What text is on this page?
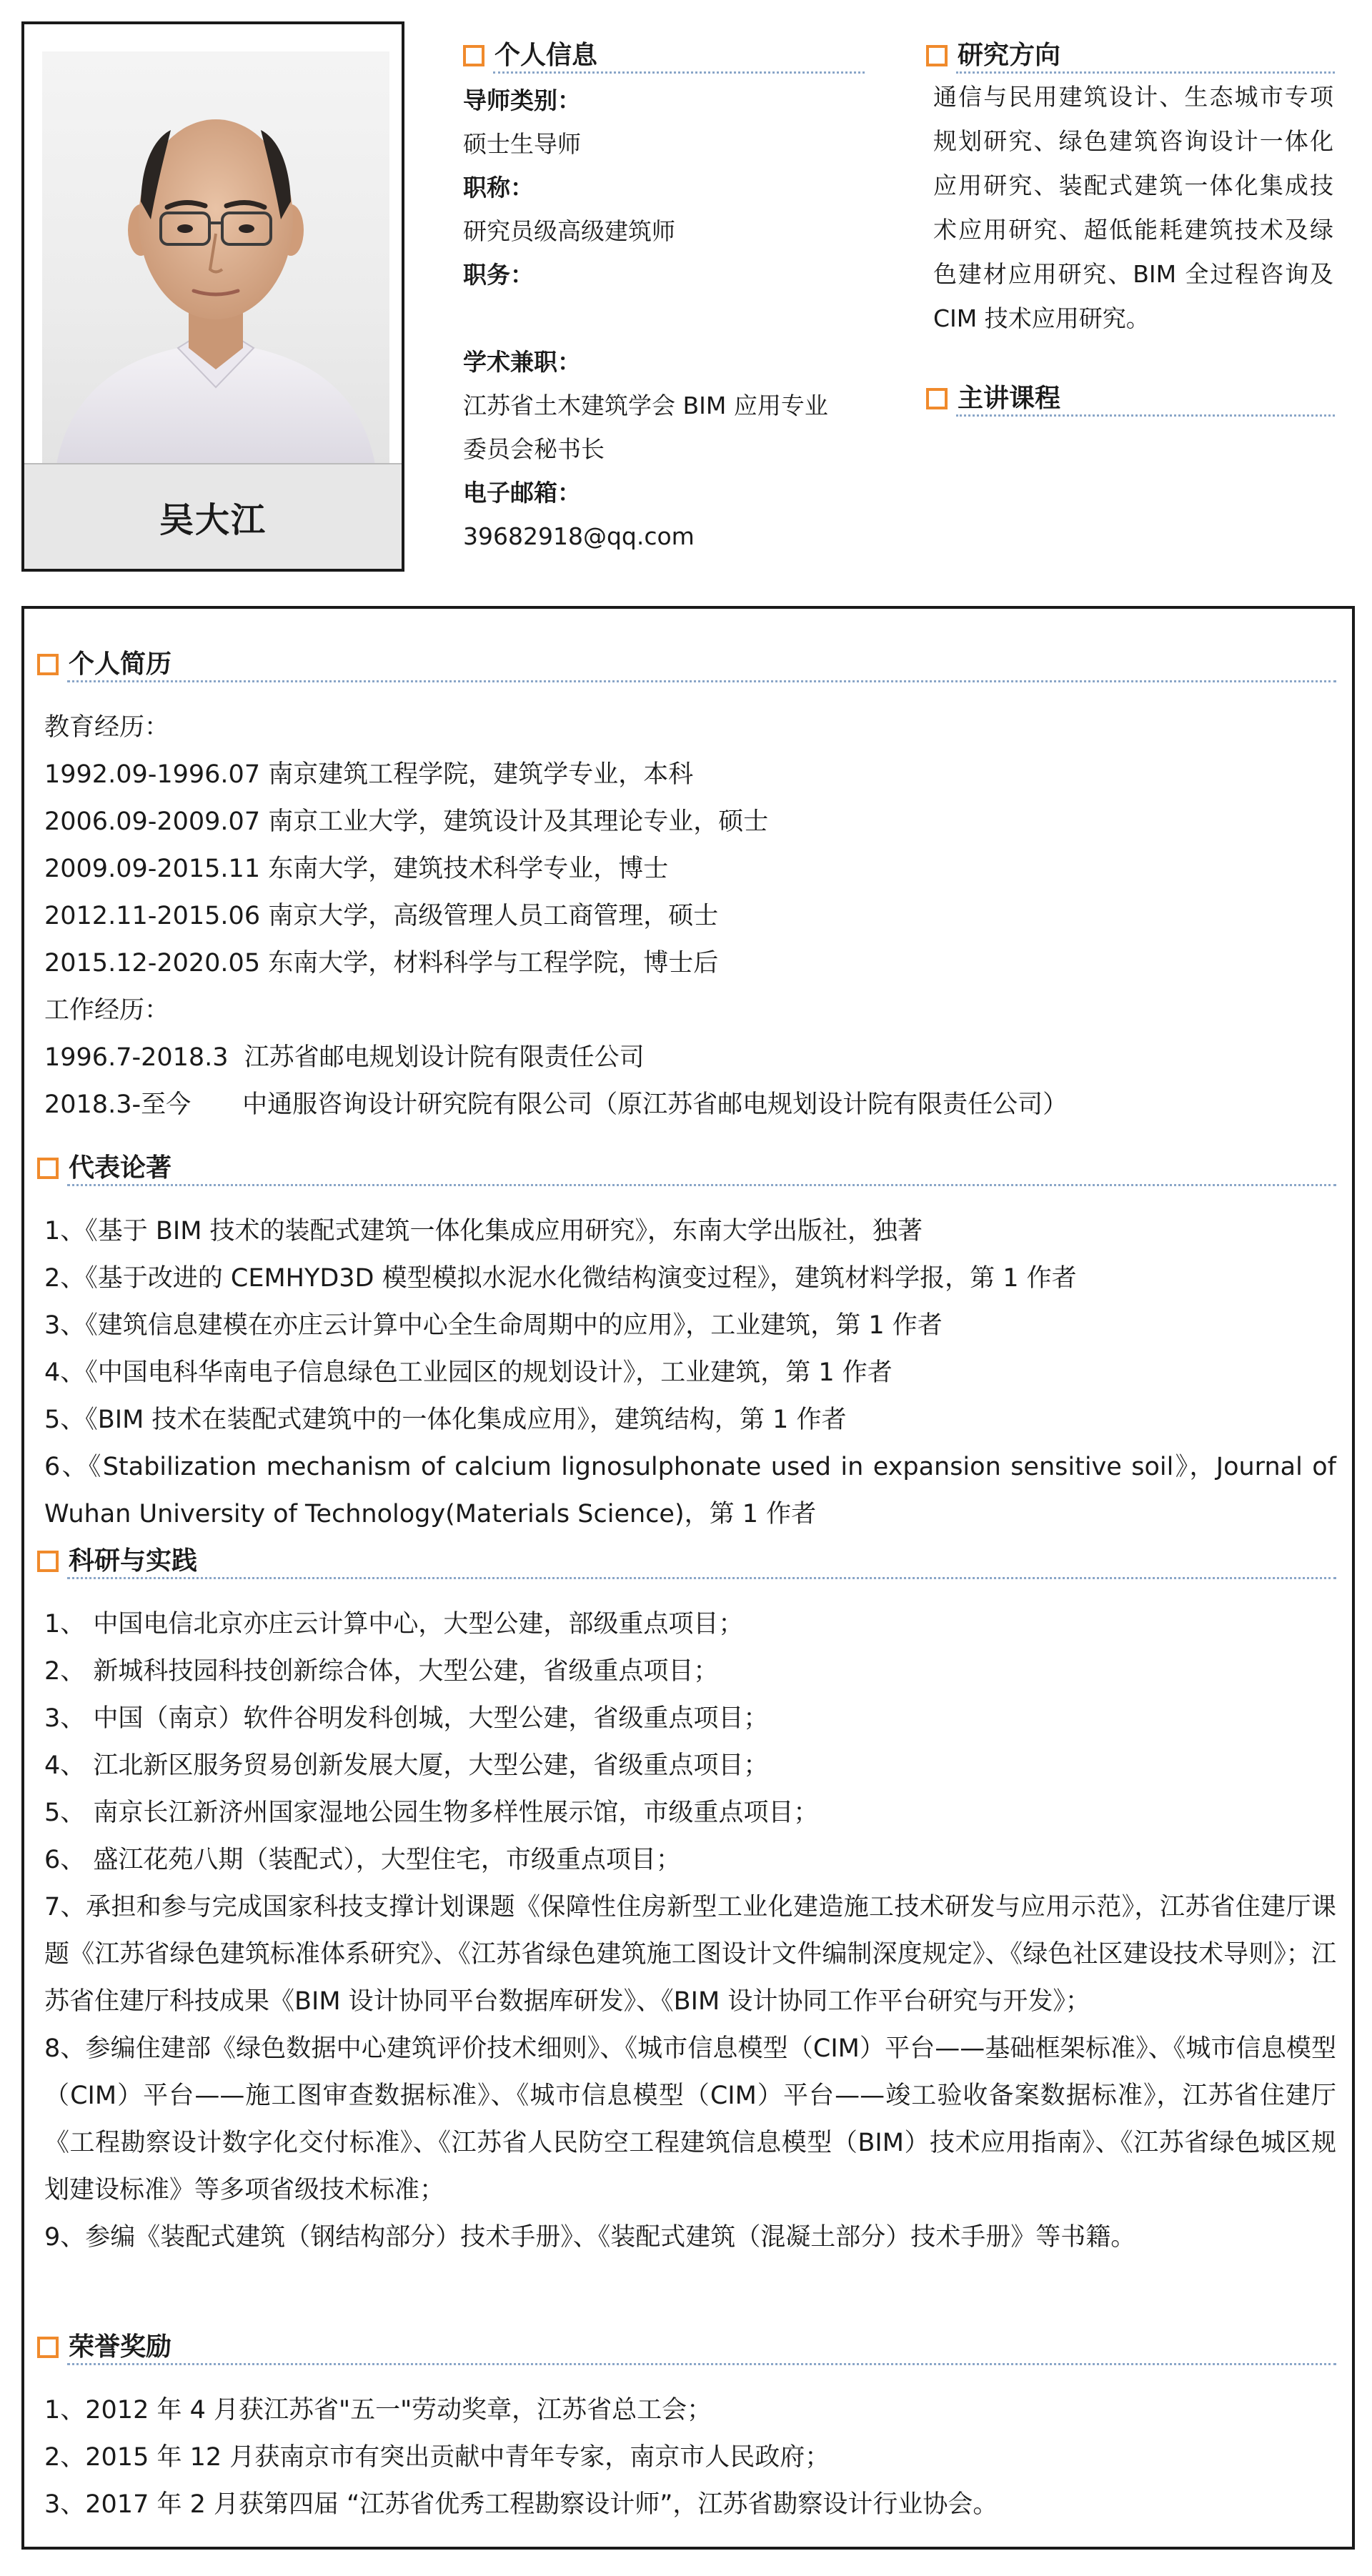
吴大江
个人信息
导师类别：
硕士生导师
职称：
研究员级高级建筑师
职务：
学术兼职：
江苏省土木建筑学会 BIM 应用专业
委员会秘书长
电子邮箱：
39682918@qq.com
研究方向
通信与民用建筑设计、生态城市专项规划研究、绿色建筑咨询设计一体化应用研究、装配式建筑一体化集成技术应用研究、超低能耗建筑技术及绿色建材应用研究、BIM 全过程咨询及 CIM 技术应用研究。
主讲课程
个人简历
教育经历：
1992.09-1996.07 南京建筑工程学院，建筑学专业，本科
2006.09-2009.07 南京工业大学，建筑设计及其理论专业，硕士
2009.09-2015.11 东南大学，建筑技术科学专业，博士
2012.11-2015.06 南京大学，高级管理人员工商管理，硕士
2015.12-2020.05 东南大学，材料科学与工程学院，博士后
工作经历：
1996.7-2018.3 江苏省邮电规划设计院有限责任公司
2018.3-至今 中通服咨询设计研究院有限公司（原江苏省邮电规划设计院有限责任公司）
代表论著
1、《基于 BIM 技术的装配式建筑一体化集成应用研究》，东南大学出版社，独著
2、《基于改进的 CEMHYD3D 模型模拟水泥水化微结构演变过程》，建筑材料学报，第 1 作者
3、《建筑信息建模在亦庄云计算中心全生命周期中的应用》，工业建筑，第 1 作者
4、《中国电科华南电子信息绿色工业园区的规划设计》，工业建筑，第 1 作者
5、《BIM 技术在装配式建筑中的一体化集成应用》，建筑结构，第 1 作者
6、《Stabilization mechanism of calcium lignosulphonate used in expansion sensitive soil》，Journal of Wuhan University of Technology(Materials Science)，第 1 作者
科研与实践
1、 中国电信北京亦庄云计算中心，大型公建，部级重点项目；
2、 新城科技园科技创新综合体，大型公建，省级重点项目；
3、 中国（南京）软件谷明发科创城，大型公建，省级重点项目；
4、 江北新区服务贸易创新发展大厦，大型公建，省级重点项目；
5、 南京长江新济州国家湿地公园生物多样性展示馆，市级重点项目；
6、 盛江花苑八期（装配式），大型住宅，市级重点项目；
7、承担和参与完成国家科技支撑计划课题《保障性住房新型工业化建造施工技术研发与应用示范》，江苏省住建厅课题《江苏省绿色建筑标准体系研究》、《江苏省绿色建筑施工图设计文件编制深度规定》、《绿色社区建设技术导则》；江苏省住建厅科技成果《BIM 设计协同平台数据库研发》、《BIM 设计协同工作平台研究与开发》；
8、参编住建部《绿色数据中心建筑评价技术细则》、《城市信息模型（CIM）平台——基础框架标准》、《城市信息模型（CIM）平台——施工图审查数据标准》、《城市信息模型（CIM）平台——竣工验收备案数据标准》，江苏省住建厅《工程勘察设计数字化交付标准》、《江苏省人民防空工程建筑信息模型（BIM）技术应用指南》、《江苏省绿色城区规划建设标准》等多项省级技术标准；
9、参编《装配式建筑（钢结构部分）技术手册》、《装配式建筑（混凝土部分）技术手册》等书籍。
荣誉奖励
1、2012 年 4 月获江苏省"五一"劳动奖章，江苏省总工会；
2、2015 年 12 月获南京市有突出贡献中青年专家，南京市人民政府；
3、2017 年 2 月获第四届 “江苏省优秀工程勘察设计师”，江苏省勘察设计行业协会。
